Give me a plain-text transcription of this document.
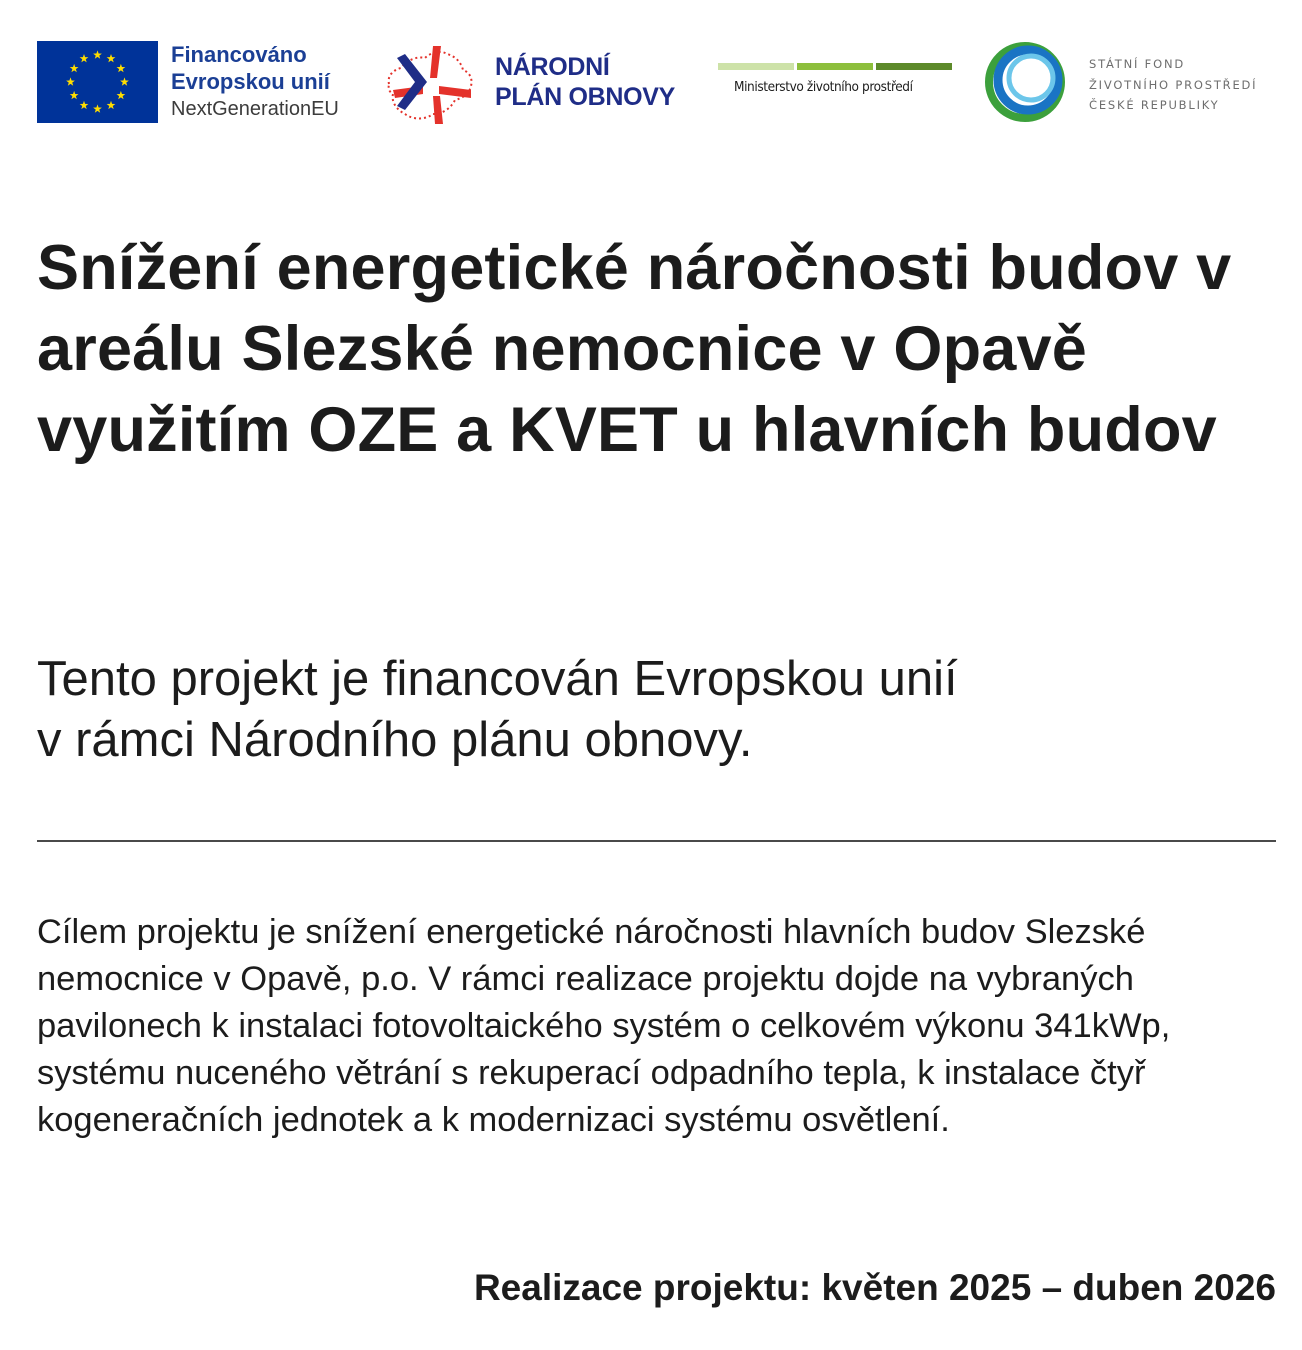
Financováno
Evropskou unií
NextGenerationEU
NÁRODNÍ
PLÁN OBNOVY	Ministerstvo životního prostředí
STÁTNÍ FOND
ŽIVOTNÍHO PROSTŘEDÍ
ČESKÉ REPUBLIKY
Snížení energetické náročnosti budov v areálu Slezské nemocnice v Opavě využitím OZE a KVET u hlavních budov

Tento projekt je financován Evropskou unií
v rámci Národního plánu obnovy.

Cílem projektu je snížení energetické náročnosti hlavních budov Slezské nemocnice v Opavě, p.o. V rámci realizace projektu dojde na vybraných pavilonech k instalaci fotovoltaického systém o celkovém výkonu 341kWp, systému nuceného větrání s rekuperací odpadního tepla, k instalace čtyř kogeneračních jednotek a k modernizaci systému osvětlení.

Realizace projektu: květen 2025 – duben 2026
